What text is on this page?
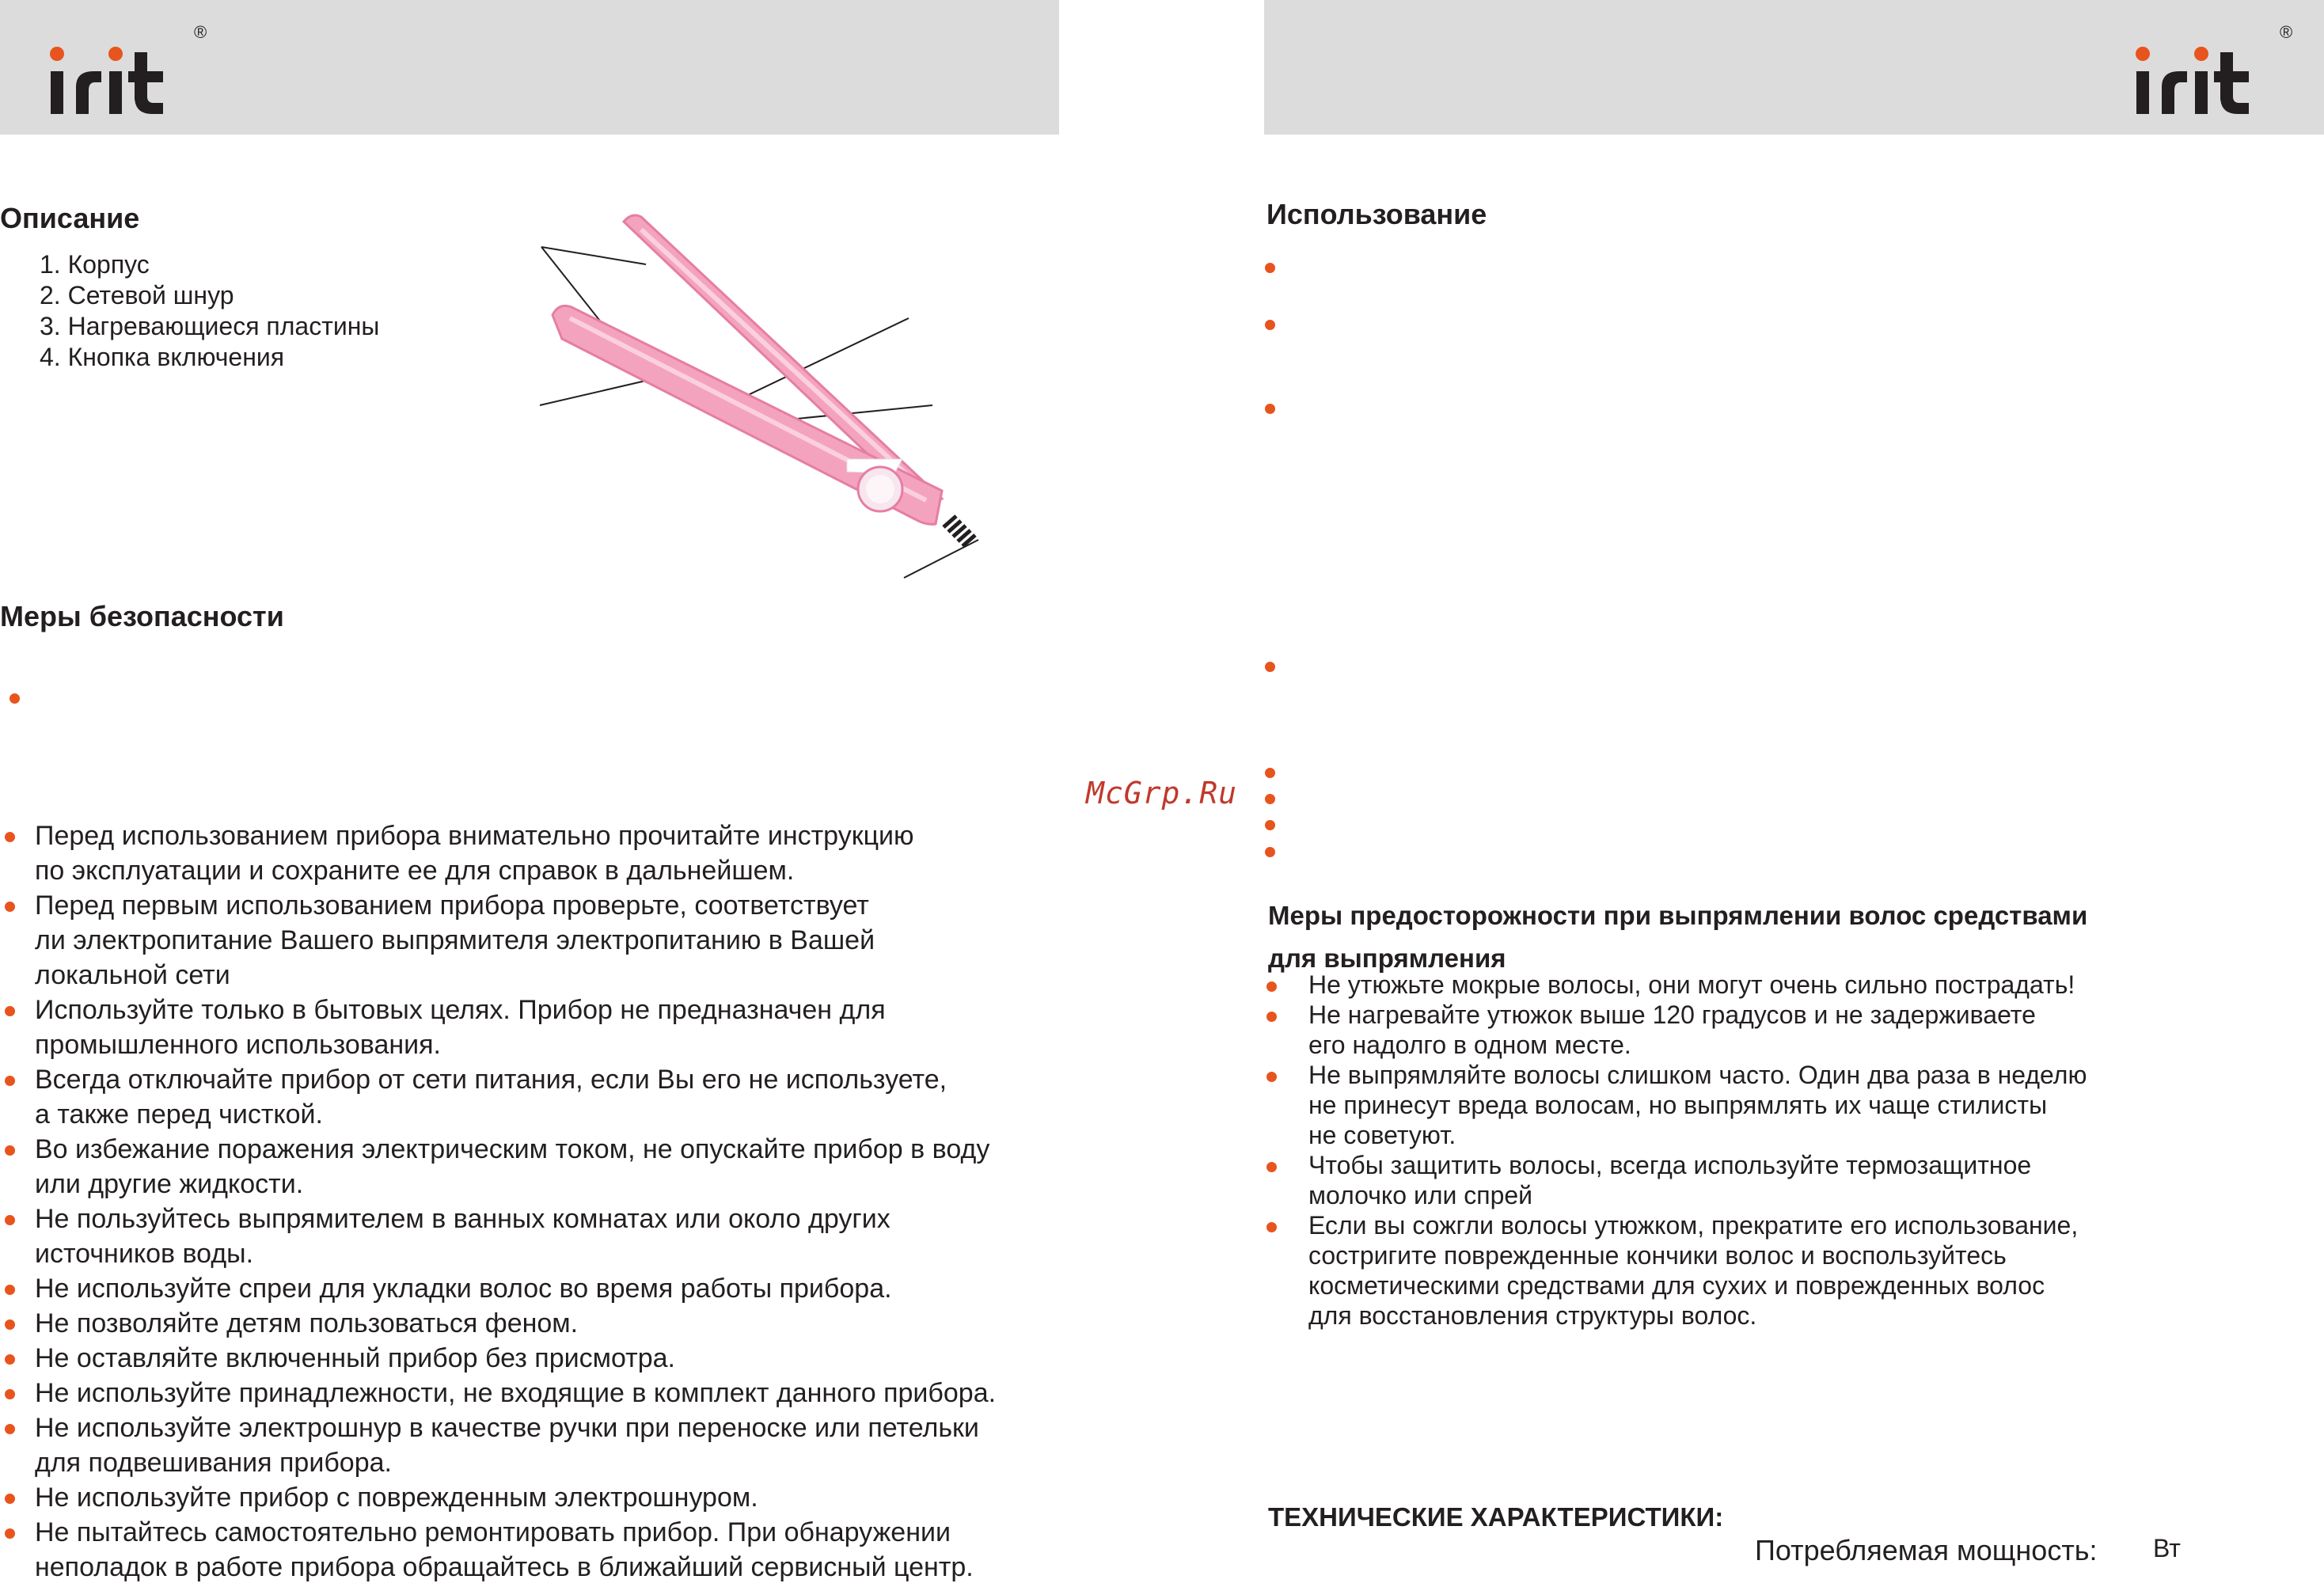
®	®
Описание
1. Корпус
2. Сетевой шнур
3. Нагревающиеся пластины
4. Кнопка включения
Меры безопасности
Перед использованием прибора внимательно прочитайте инструкцию
по эксплуатации и сохраните ее для справок в дальнейшем.
Перед первым использованием прибора проверьте, соответствует
ли электропитание Вашего выпрямителя электропитанию в Вашей
локальной сети
Используйте только в бытовых целях. Прибор не предназначен для
промышленного использования.
Всегда отключайте прибор от сети питания, если Вы его не используете,
а также перед чисткой.
Во избежание поражения электрическим током, не опускайте прибор в воду
или другие жидкости.
Не пользуйтесь выпрямителем в ванных комнатах или около других
источников воды.
Не используйте спреи для укладки волос во время работы прибора.
Не позволяйте детям пользоваться феном.
Не оставляйте включенный прибор без присмотра.
Не используйте принадлежности, не входящие в комплект данного прибора.
Не используйте электрошнур в качестве ручки при переноске или петельки
для подвешивания прибора.
Не используйте прибор с поврежденным электрошнуром.
Не пытайтесь самостоятельно ремонтировать прибор. При обнаружении
неполадок в работе прибора обращайтесь в ближайший сервисный центр.
McGrp.Ru
Использование
Меры предосторожности при выпрямлении волос средствами
для выпрямления
Не утюжьте мокрые волосы, они могут очень сильно пострадать!
Не нагревайте утюжок выше 120 градусов и не задерживаете
его надолго в одном месте.
Не выпрямляйте волосы слишком часто. Один два раза в неделю
не принесут вреда волосам, но выпрямлять их чаще стилисты
не советуют.
Чтобы защитить волосы, всегда используйте термозащитное
молочко или спрей
Если вы сожгли волосы утюжком, прекратите его использование,
состригите поврежденные кончики волос и воспользуйтесь
косметическими средствами для сухих и поврежденных волос
для восстановления структуры волос.
ТЕХНИЧЕСКИЕ ХАРАКТЕРИСТИКИ:
Потребляемая мощность: Вт
